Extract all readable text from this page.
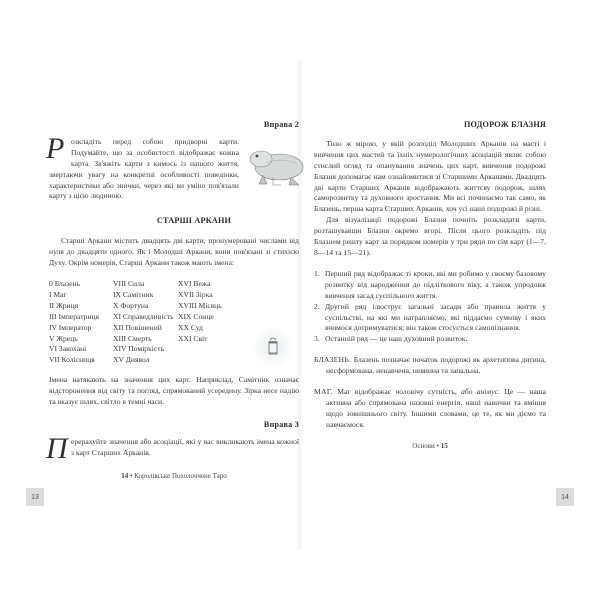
Вправа 2
Р озкладіть перед собою придворні карти. Подумайте, що за особистості відображає кожна карта. Зв'яжіть карти з кимось із нашого життя, звертаючи увагу на конкретні особливості поведінки, характеристики або звички, через які ви уміно пов'язали карту з цією людиною.
СТАРШІ АРКАНИ
Старші Аркани містить двадцять дві карти, пронумеровані числами від нуля до двадцяти одного. Як і Молодші Аркани, вони пов'язані зі стихією Духу. Окрім номерів, Старші Аркани також мають імена:
0 Блазень
I Маг
II Жриця
III Імператриця
IV Імператор
V Жрець
VI Закохані
VII Колісниця
VIII Сила
IX Самітник
X Фортуна
XI Справедливість
XII Повішений
XIII Смерть
XIV Поміркість
XV Диявол
XVI Вежа
XVII Зірка
XVIII Місяць
XIX Сонце
XX Суд
XXI Світ
Імена натякають на значення цих карт. Наприклад, Самітник означає відсторонення від світу та погляд, спрямований усередину. Зірка несе надію та вказує шлях, світло в темні часи.
Вправа 3
П ерерахуйте значення або асоціації, які у вас викликають імена кожної з карт Старших Арканів.
14 • Королівське Похолоччене Таро
ПОДОРОЖ БЛАЗНЯ
Тією ж мірою, у якій розподіл Молодших Арканів на масті і вивчення цих мастей та їхніх нумерологічних асоціацій являє собою стислий огляд та опанування значень цих карт, вивчення подорожі Блазня допомагає нам ознайомитися зі Старшими Арканами. Двадцять дві карти Старших Арканів відображають життєву подорож, шлях саморозвитку та духовного зростання. Ми всі починаємо так само, як Блазень, перша карта Старших Арканів, хоч усі наші подорожі й різні.
Для візуалізації подорожі Блазня почніть розкладати карти, розташувавши Блазня окремо вгорі. Після цього розкладіть під Блазнем решту карт за порядком номерів у три ряди по сім карт (1—7, 8—14 та 15—21).
1. Перший ряд відображає ті кроки, які ми робимо у своєму базовому розвитку від народження до підліткового віку, а також упродовж вивчення засад суспільного життя.
2. Другий ряд ілюструє загальні засади або правила життя у суспільстві, на які ми натрапляємо, які піддаємо сумніву і яких вчимося дотримуватися; він також стосується самопізнання.
3. Останній ряд — це наш духовний розвиток.
БЛАЗЕНЬ. Блазень позначає початок подорожі як архетипова дитина, несформована, ненавчена, невинна та запальна.
МАГ. Маг відображає чоловічу сутність, або анімус. Це — наша активна або спрямована назовні енергія, наші навички та вміння щодо зовнішнього світу. Іншими словами, це те, як ми діємо та навчаємося.
Основи • 15
13	14
